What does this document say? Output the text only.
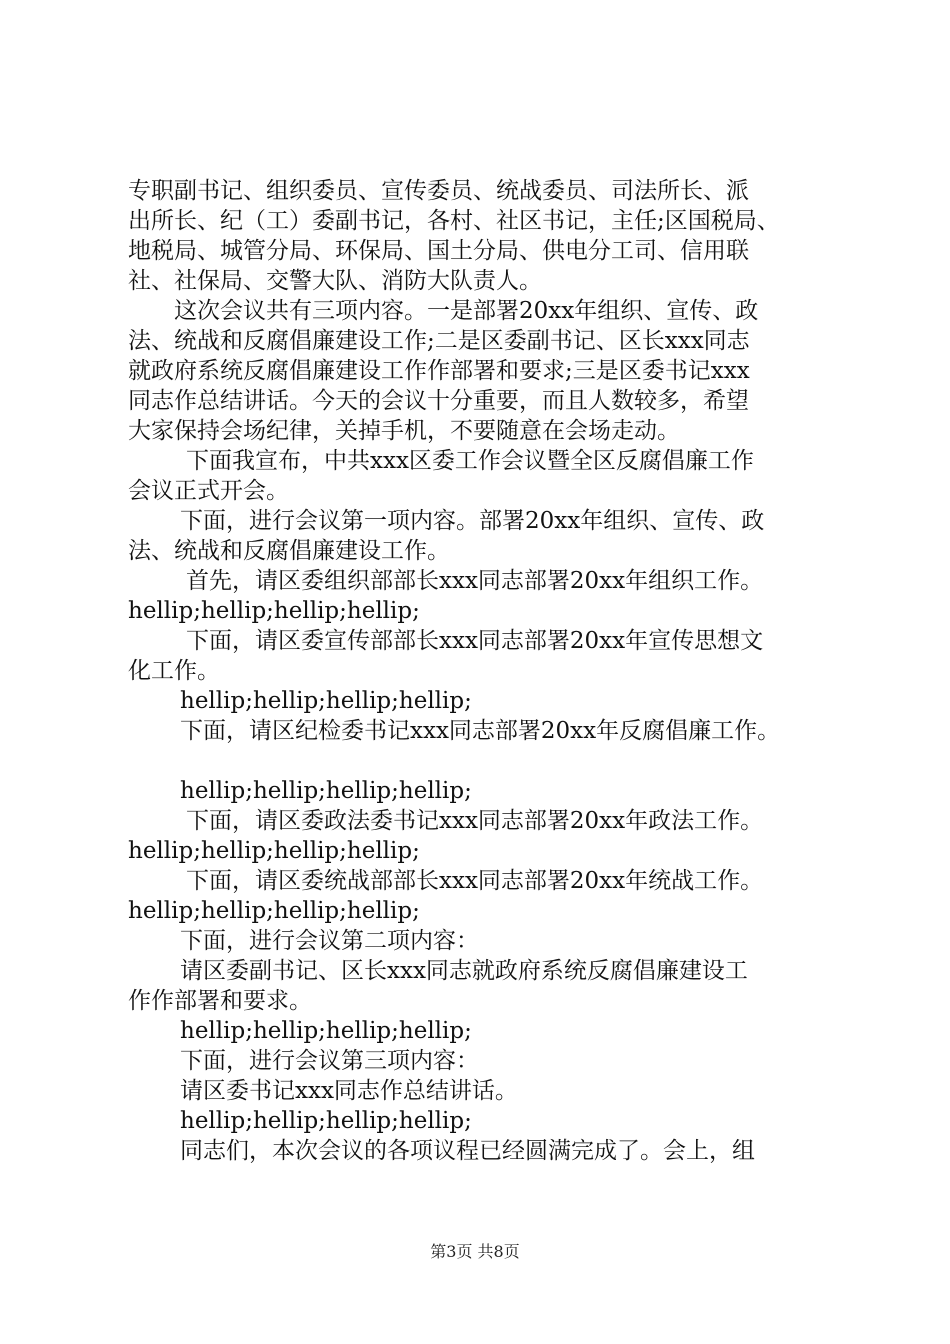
专职副书记、组织委员、宣传委员、统战委员、司法所长、派
出所长、纪（工）委副书记，各村、社区书记，主任;区国税局、
地税局、城管分局、环保局、国土分局、供电分工司、信用联
社、社保局、交警大队、消防大队责人。
这次会议共有三项内容。一是部署20xx年组织、宣传、政
法、统战和反腐倡廉建设工作;二是区委副书记、区长xxx同志
就政府系统反腐倡廉建设工作作部署和要求;三是区委书记xxx
同志作总结讲话。今天的会议十分重要，而且人数较多，希望
大家保持会场纪律，关掉手机，不要随意在会场走动。
下面我宣布，中共xxx区委工作会议暨全区反腐倡廉工作
会议正式开会。
下面，进行会议第一项内容。部署20xx年组织、宣传、政
法、统战和反腐倡廉建设工作。
首先，请区委组织部部长xxx同志部署20xx年组织工作。
hellip;hellip;hellip;hellip;
下面，请区委宣传部部长xxx同志部署20xx年宣传思想文
化工作。
hellip;hellip;hellip;hellip;
下面，请区纪检委书记xxx同志部署20xx年反腐倡廉工作。
hellip;hellip;hellip;hellip;
下面，请区委政法委书记xxx同志部署20xx年政法工作。
hellip;hellip;hellip;hellip;
下面，请区委统战部部长xxx同志部署20xx年统战工作。
hellip;hellip;hellip;hellip;
下面，进行会议第二项内容：
请区委副书记、区长xxx同志就政府系统反腐倡廉建设工
作作部署和要求。
hellip;hellip;hellip;hellip;
下面，进行会议第三项内容：
请区委书记xxx同志作总结讲话。
hellip;hellip;hellip;hellip;
同志们，本次会议的各项议程已经圆满完成了。会上，组
第3页 共8页
